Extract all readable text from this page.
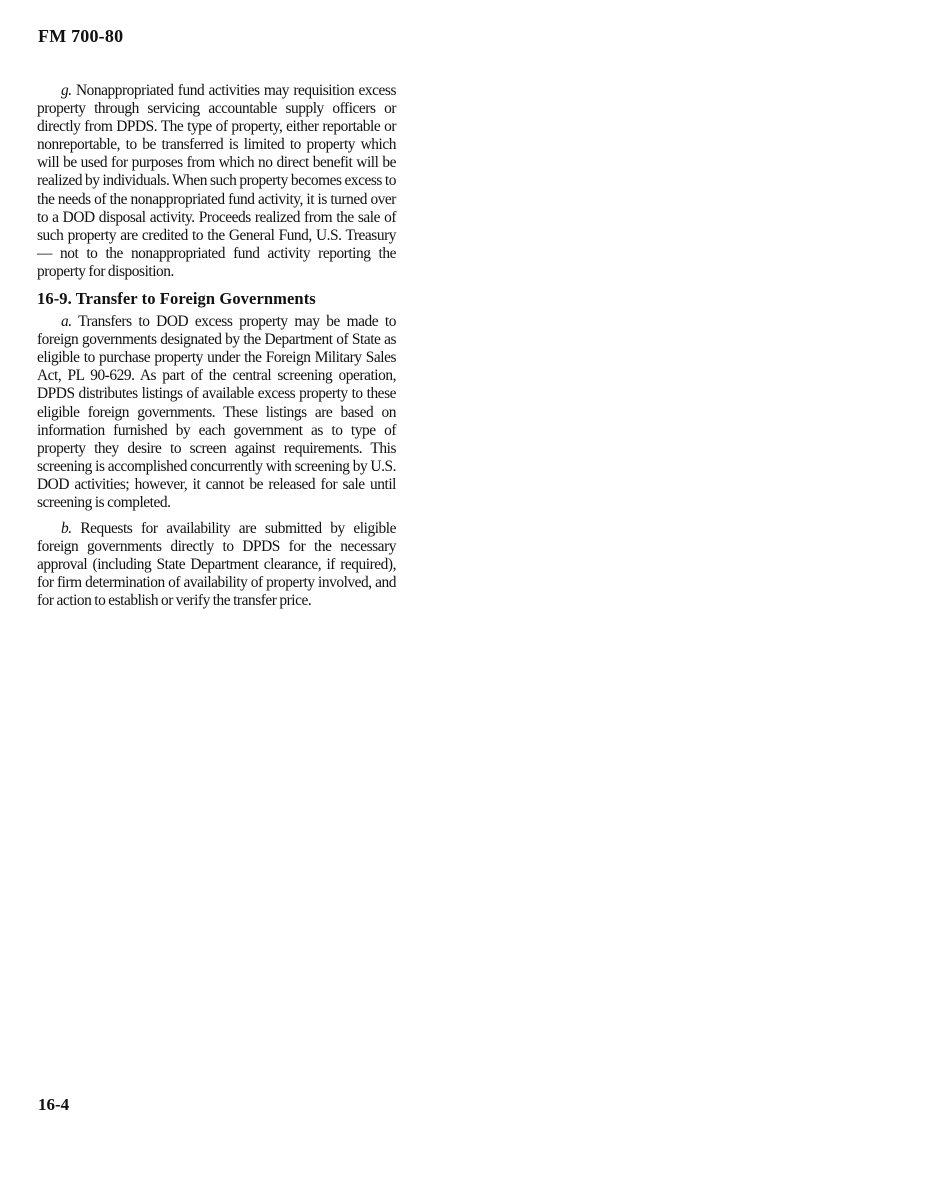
FM 700-80

g. Nonappropriated fund activities may requisition excess property through servicing accountable supply officers or directly from DPDS. The type of property, either reportable or nonreportable, to be transferred is limited to property which will be used for purposes from which no direct benefit will be realized by individuals. When such property becomes excess to the needs of the nonappropriated fund activity, it is turned over to a DOD disposal activity. Proceeds realized from the sale of such property are credited to the General Fund, U.S. Treasury — not to the nonappropriated fund activity reporting the property for disposition.

16-9. Transfer to Foreign Governments

a. Transfers to DOD excess property may be made to foreign governments designated by the Department of State as eligible to purchase property under the Foreign Military Sales Act, PL 90-629. As part of the central screening operation, DPDS distributes listings of available excess property to these eligible foreign governments. These listings are based on information furnished by each government as to type of property they desire to screen against requirements. This screening is accomplished concurrently with screening by U.S. DOD activities; however, it cannot be released for sale until screening is completed.

b. Requests for availability are submitted by eligible foreign governments directly to DPDS for the necessary approval (including State Department clearance, if required), for firm determination of availability of property involved, and for action to establish or verify the transfer price.

16-4
